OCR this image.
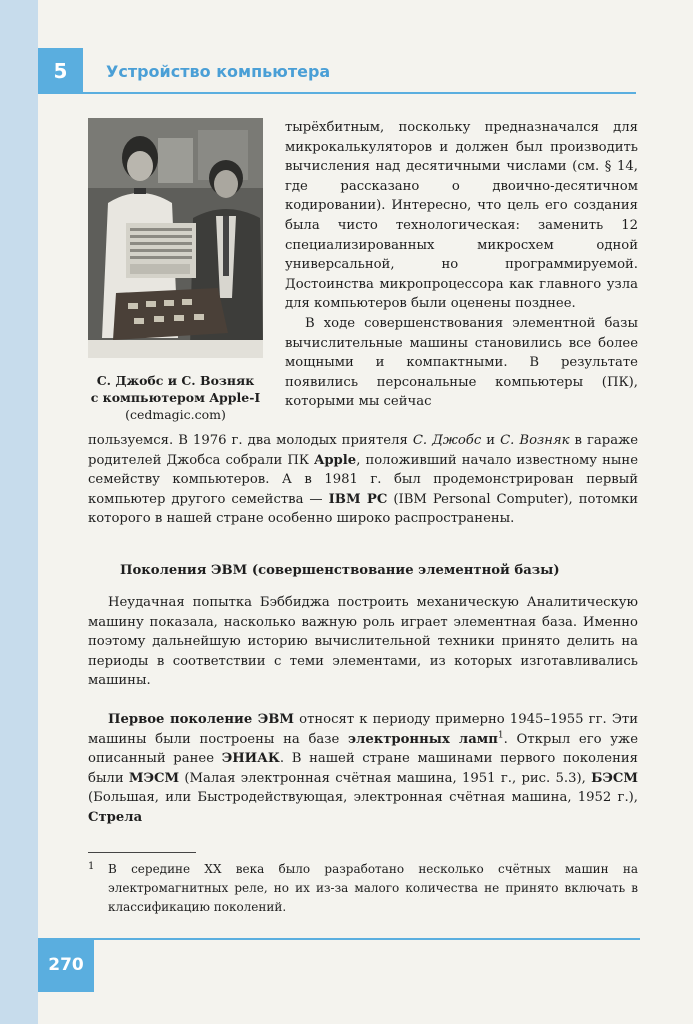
5	Устройство компьютера
С. Джобс и С. Возняк
с компьютером Apple-I
(cedmagic.com)

тырёхбитным, поскольку предназначался для микрокалькуляторов и должен был производить вычисления над десятичными числами (см. § 14, где рассказано о двоично-десятичном кодировании). Интересно, что цель его создания была чисто технологическая: заменить 12 специализированных микросхем одной универсальной, но программируемой. Достоинства микропроцессора как главного узла для компьютеров были оценены позднее.

В ходе совершенствования элементной базы вычислительные машины становились все более мощными и компактными. В результате появились персональные компьютеры (ПК), которыми мы сейчас

пользуемся. В 1976 г. два молодых приятеля С. Джобс и С. Возняк в гараже родителей Джобса собрали ПК Apple, положивший начало известному ныне семейству компьютеров. А в 1981 г. был продемонстрирован первый компьютер другого семейства — IBM PC (IBM Personal Computer), потомки которого в нашей стране особенно широко распространены.

Поколения ЭВМ (совершенствование элементной базы)

Неудачная попытка Бэббиджа построить механическую Аналитическую машину показала, насколько важную роль играет элементная база. Именно поэтому дальнейшую историю вычислительной техники принято делить на периоды в соответствии с теми элементами, из которых изготавливались машины.

Первое поколение ЭВМ относят к периоду примерно 1945–1955 гг. Эти машины были построены на базе электронных ламп$^1$. Открыл его уже описанный ранее ЭНИАК. В нашей стране машинами первого поколения были МЭСМ (Малая электронная счётная машина, 1951 г., рис. 5.3), БЭСМ (Большая, или Быстродействующая, электронная счётная машина, 1952 г.), Стрела

1 В середине XX века было разработано несколько счётных машин на электромагнитных реле, но их из-за малого количества не принято включать в классификацию поколений.
270
